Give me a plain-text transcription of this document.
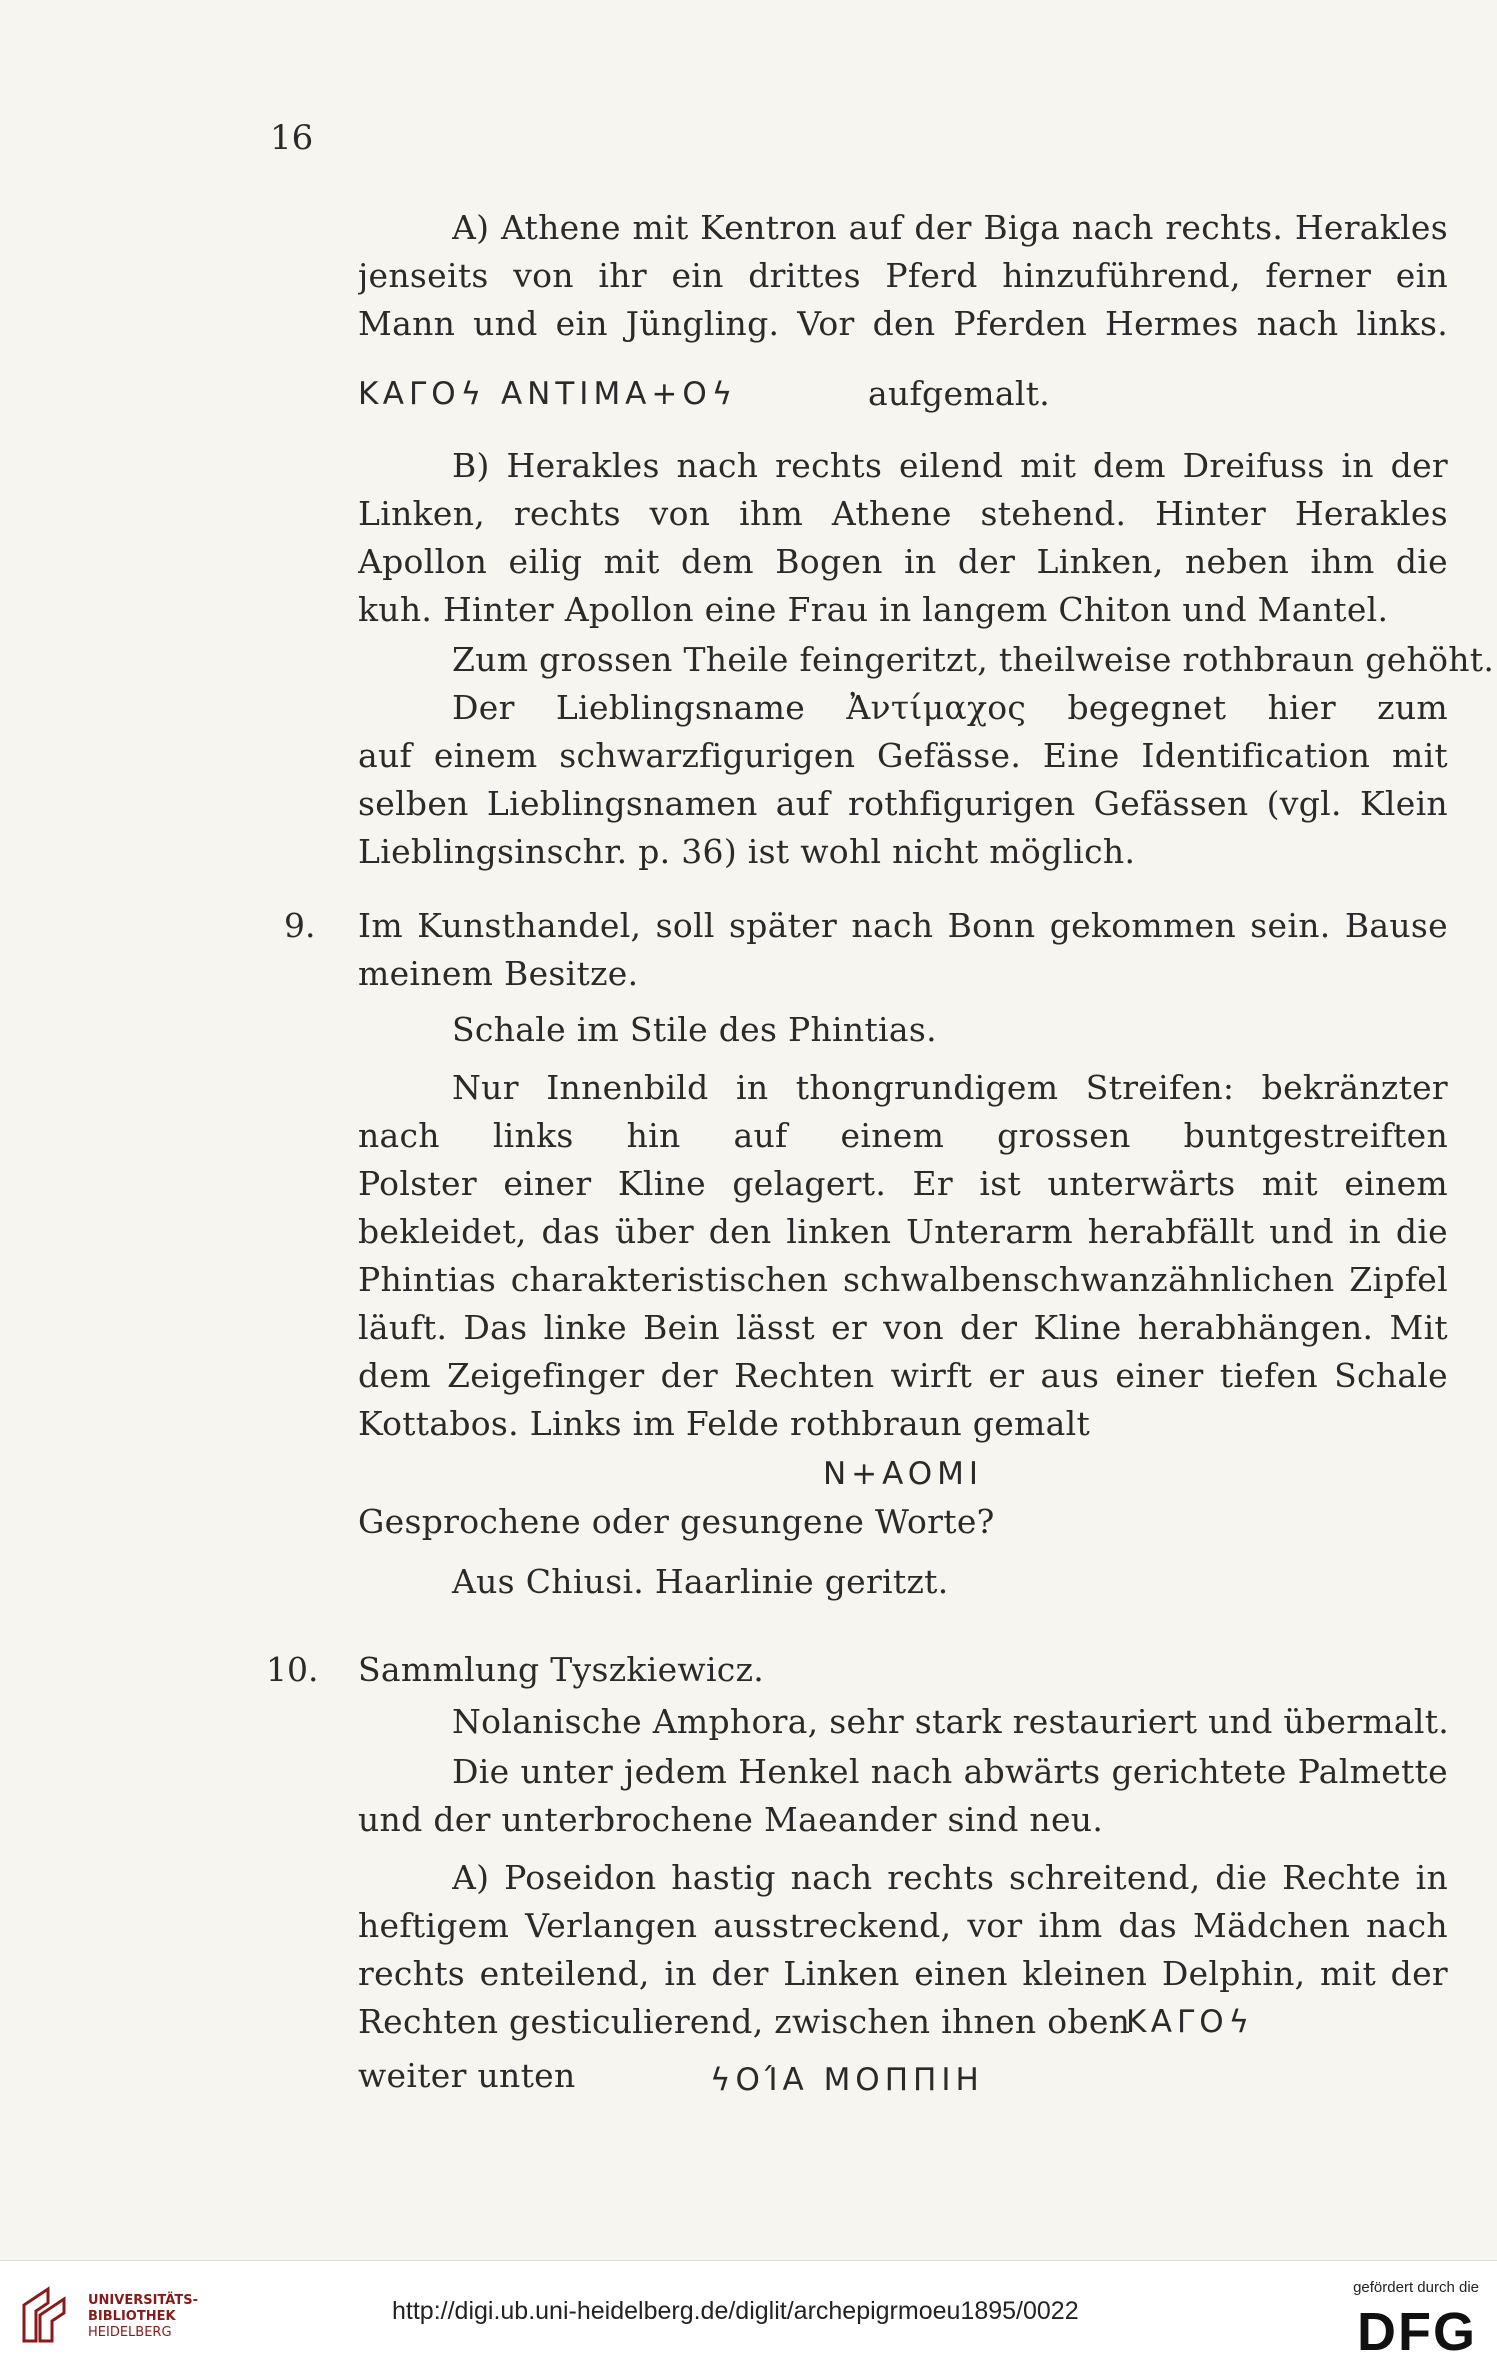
16
A) Athene mit Kentron auf der Biga nach rechts. Herakles
jenseits von ihr ein drittes Pferd hinzuführend, ferner ein
Mann und ein Jüngling. Vor den Pferden Hermes nach links.
KAΓOϟ ANTIMA+Oϟ	aufgemalt.
B) Herakles nach rechts eilend mit dem Dreifuss in der
Linken, rechts von ihm Athene stehend. Hinter Herakles
Apollon eilig mit dem Bogen in der Linken, neben ihm die
kuh. Hinter Apollon eine Frau in langem Chiton und Mantel.
Zum grossen Theile feingeritzt, theilweise rothbraun gehöht.
Der Lieblingsname Ἀντίμαχος begegnet hier zum
auf einem schwarzfigurigen Gefässe. Eine Identification mit
selben Lieblingsnamen auf rothfigurigen Gefässen (vgl. Klein
Lieblingsinschr. p. 36) ist wohl nicht möglich.
9. Im Kunsthandel, soll später nach Bonn gekommen sein. Bause
meinem Besitze.
Schale im Stile des Phintias.
Nur Innenbild in thongrundigem Streifen: bekränzter
nach links hin auf einem grossen buntgestreiften
Polster einer Kline gelagert. Er ist unterwärts mit einem
bekleidet, das über den linken Unterarm herabfällt und in die
Phintias charakteristischen schwalbenschwanzähnlichen Zipfel
läuft. Das linke Bein lässt er von der Kline herabhängen. Mit
dem Zeigefinger der Rechten wirft er aus einer tiefen Schale
Kottabos. Links im Felde rothbraun gemalt
N+AOMI
Gesprochene oder gesungene Worte?
Aus Chiusi. Haarlinie geritzt.
10. Sammlung Tyszkiewicz.
Nolanische Amphora, sehr stark restauriert und übermalt.
Die unter jedem Henkel nach abwärts gerichtete Palmette
und der unterbrochene Maeander sind neu.
A) Poseidon hastig nach rechts schreitend, die Rechte in
heftigem Verlangen ausstreckend, vor ihm das Mädchen nach
rechts enteilend, in der Linken einen kleinen Delphin, mit der
Rechten gesticulierend, zwischen ihnen oben
KAΓOϟ
weiter unten	ϟOΊΑ ΜΟΠΠΙΗ
UNIVERSITÄTS-
BIBLIOTHEK
HEIDELBERG
http://digi.ub.uni-heidelberg.de/diglit/archepigrmoeu1895/0022
gefördert durch die
DFG
